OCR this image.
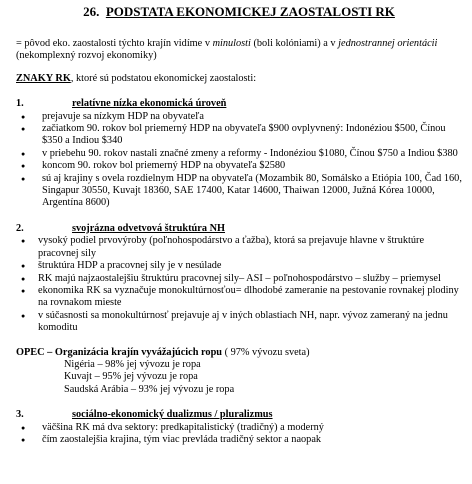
26. PODSTATA EKONOMICKEJ ZAOSTALOSTI RK

= pôvod eko. zaostalosti týchto krajín vidíme v minulosti (boli kolóniami) a v jednostrannej orientácii (nekomplexný rozvoj ekonomiky)

ZNAKY RK, ktoré sú podstatou ekonomickej zaostalosti:

1.	relatívne nízka ekonomická úroveň
● prejavuje sa nízkym HDP na obyvateľa
● začiatkom 90. rokov bol priemerný HDP na obyvateľa $900 ovplyvnený: Indonéziou $500, Čínou $350 a Indiou $340
● v priebehu 90. rokov nastali značné zmeny a reformy - Indonéziou $1080, Čínou $750 a Indiou $380
● koncom 90. rokov bol priemerný HDP na obyvateľa $2580
● sú aj krajiny s ovela rozdielnym HDP na obyvateľa (Mozambik 80, Somálsko a Etiópia 100, Čad 160, Singapur 30550, Kuvajt 18360, SAE 17400, Katar 14600, Thaiwan 12000, Južná Kórea 10000, Argentína 8600)
2.	svojrázna odvetvová štruktúra NH
● vysoký podiel prvovýroby (poľnohospodárstvo a ťažba), ktorá sa prejavuje hlavne v štruktúre pracovnej sily
● štruktúra HDP a pracovnej sily je v nesúlade
● RK majú najzaostalejšiu štruktúru pracovnej sily– ASI – poľnohospodárstvo – služby – priemysel
● ekonomika RK sa vyznačuje monokultúrnosťou= dlhodobé zameranie na pestovanie rovnakej plodiny na rovnakom mieste
● v súčasnosti sa monokultúrnosť prejavuje aj v iných oblastiach NH, napr. vývoz zameraný na jednu komoditu

OPEC – Organizácia krajín vyvážajúcich ropu ( 97% vývozu sveta)

Nigéria – 98% jej vývozu je ropa
Kuvajt – 95% jej vývozu je ropa
Saudská Arábia – 93% jej vývozu je ropa
3.	sociálno-ekonomický dualizmus / pluralizmus
● väčšina RK má dva sektory: predkapitalistický (tradičný) a moderný
● čím zaostalejšia krajina, tým viac prevláda tradičný sektor a naopak
